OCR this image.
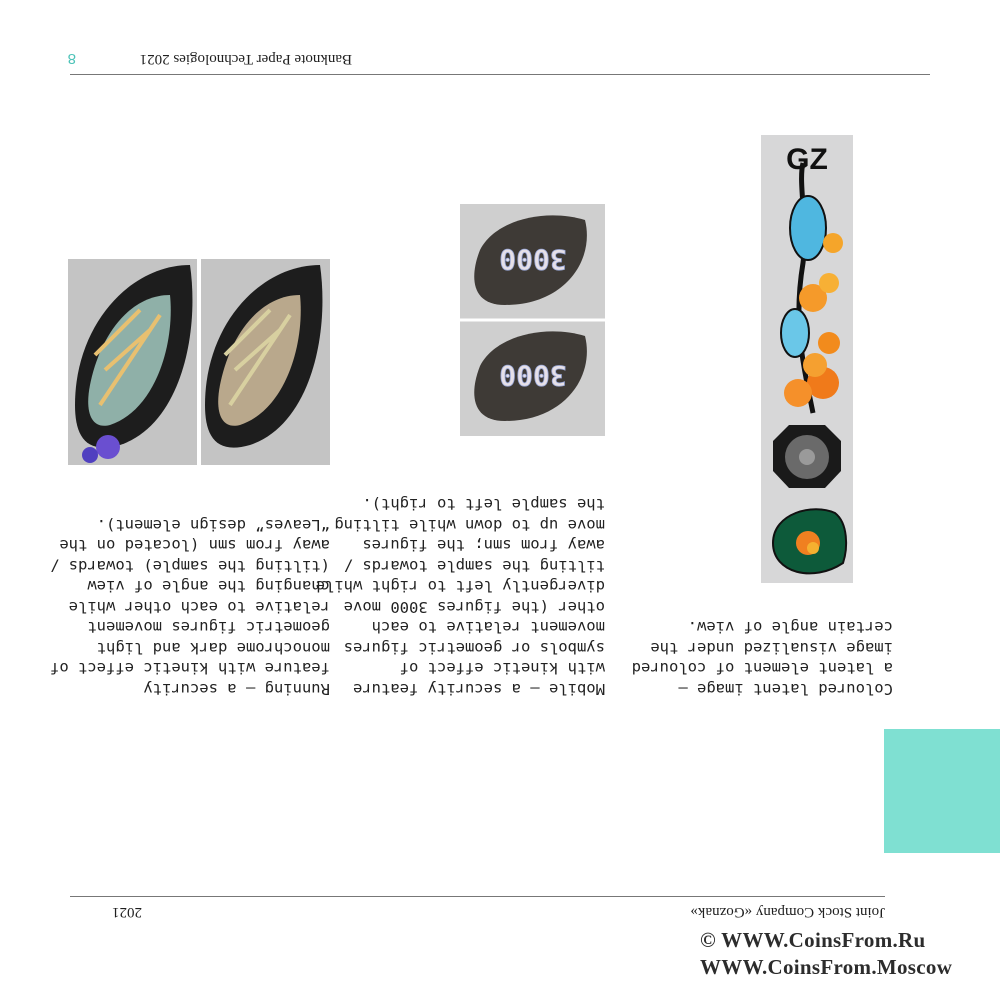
Joint Stock Company «Goznak»
2021
GZ
Coloured latent image –
a latent element of coloured
image visualized under the
certain angle of view.
3000
3000
Mobile – a security feature
with kinetic effect of
symbols or geometric figures
movement relative to each
other (the figures 3000 move
divergently left to right while
tilting the sample towards /
away from smn; the figures
move up to down while tilting
the sample left to right).
Running – a security
feature with kinetic effect of
monochrome dark and light
geometric figures movement
relative to each other while
changing the angle of view
(tilting the sample) towards /
away from smn (located on the
“Leaves” design element).
Banknote Paper Technologies 2021
8
© WWW.CoinsFrom.Ru
WWW.CoinsFrom.Moscow
